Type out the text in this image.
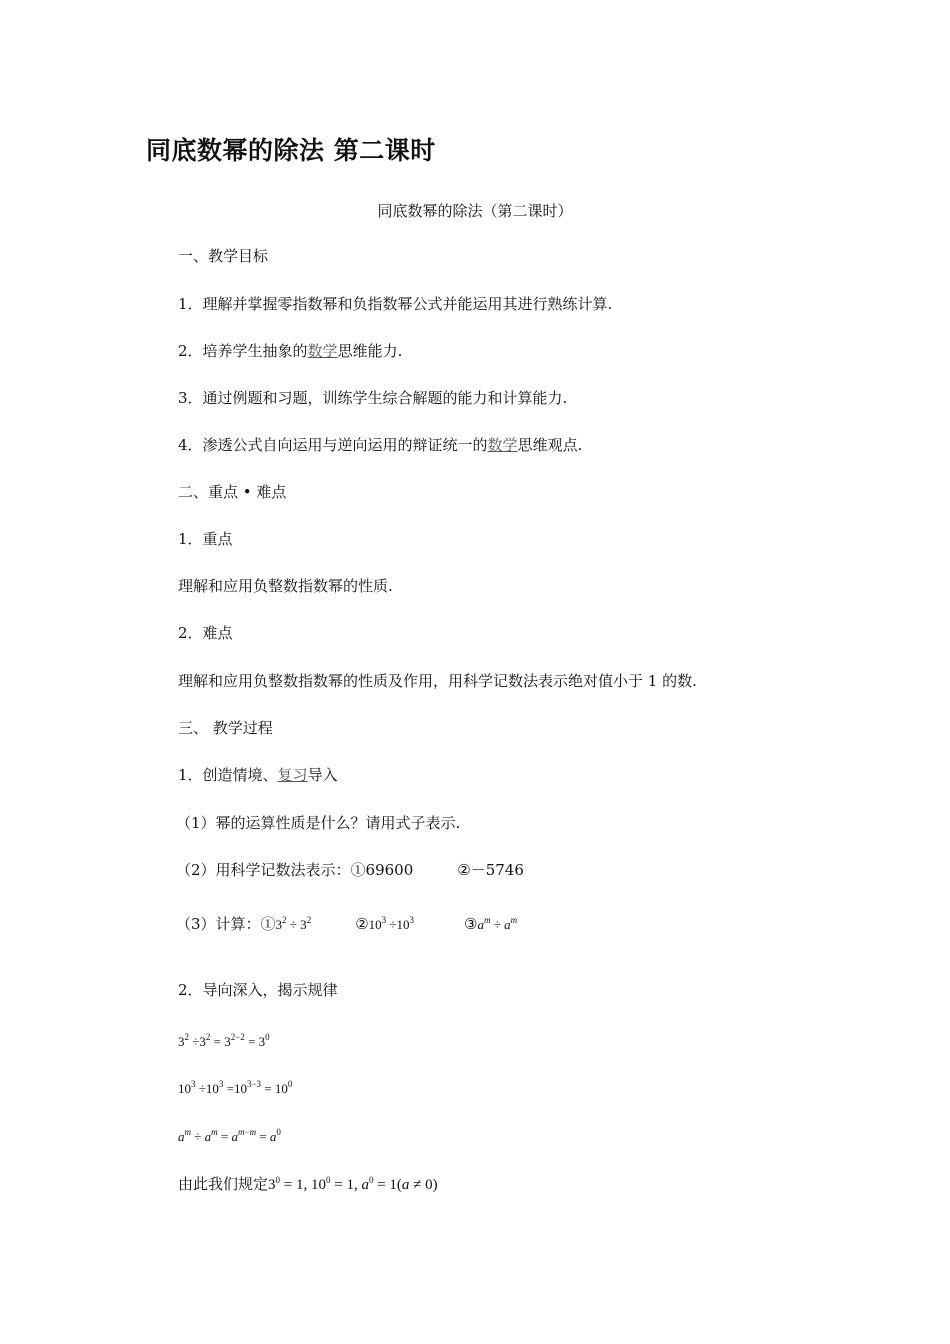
同底数幂的除法 第二课时
同底数幂的除法（第二课时）
一、教学目标
1．理解并掌握零指数幂和负指数幂公式并能运用其进行熟练计算.
2．培养学生抽象的数学思维能力.
3．通过例题和习题，训练学生综合解题的能力和计算能力.
4．渗透公式自向运用与逆向运用的辩证统一的数学思维观点.
二、重点 • 难点
1．重点
理解和应用负整数指数幂的性质.
2．难点
理解和应用负整数指数幂的性质及作用，用科学记数法表示绝对值小于 1 的数.
三、 教学过程
1．创造情境、复习导入
（1）幂的运算性质是什么？请用式子表示.
（2）用科学记数法表示：①69600	②－5746
（3）计算：$①3^2 \div 3^2$	$②10^3 \div 10^3$	$③a^m \div a^m$
2．导向深入，揭示规律
$3^2 \div 3^2 = 3^{2-2} = 3^0$
$10^3 \div 10^3 =10^{3-3} = 10^0$
$a^m \div a^m = a^{m-m} = a^0$
由此我们规定$3^0 = 1$, $10^0 = 1$, $a^0 = 1(a \ne 0)$
